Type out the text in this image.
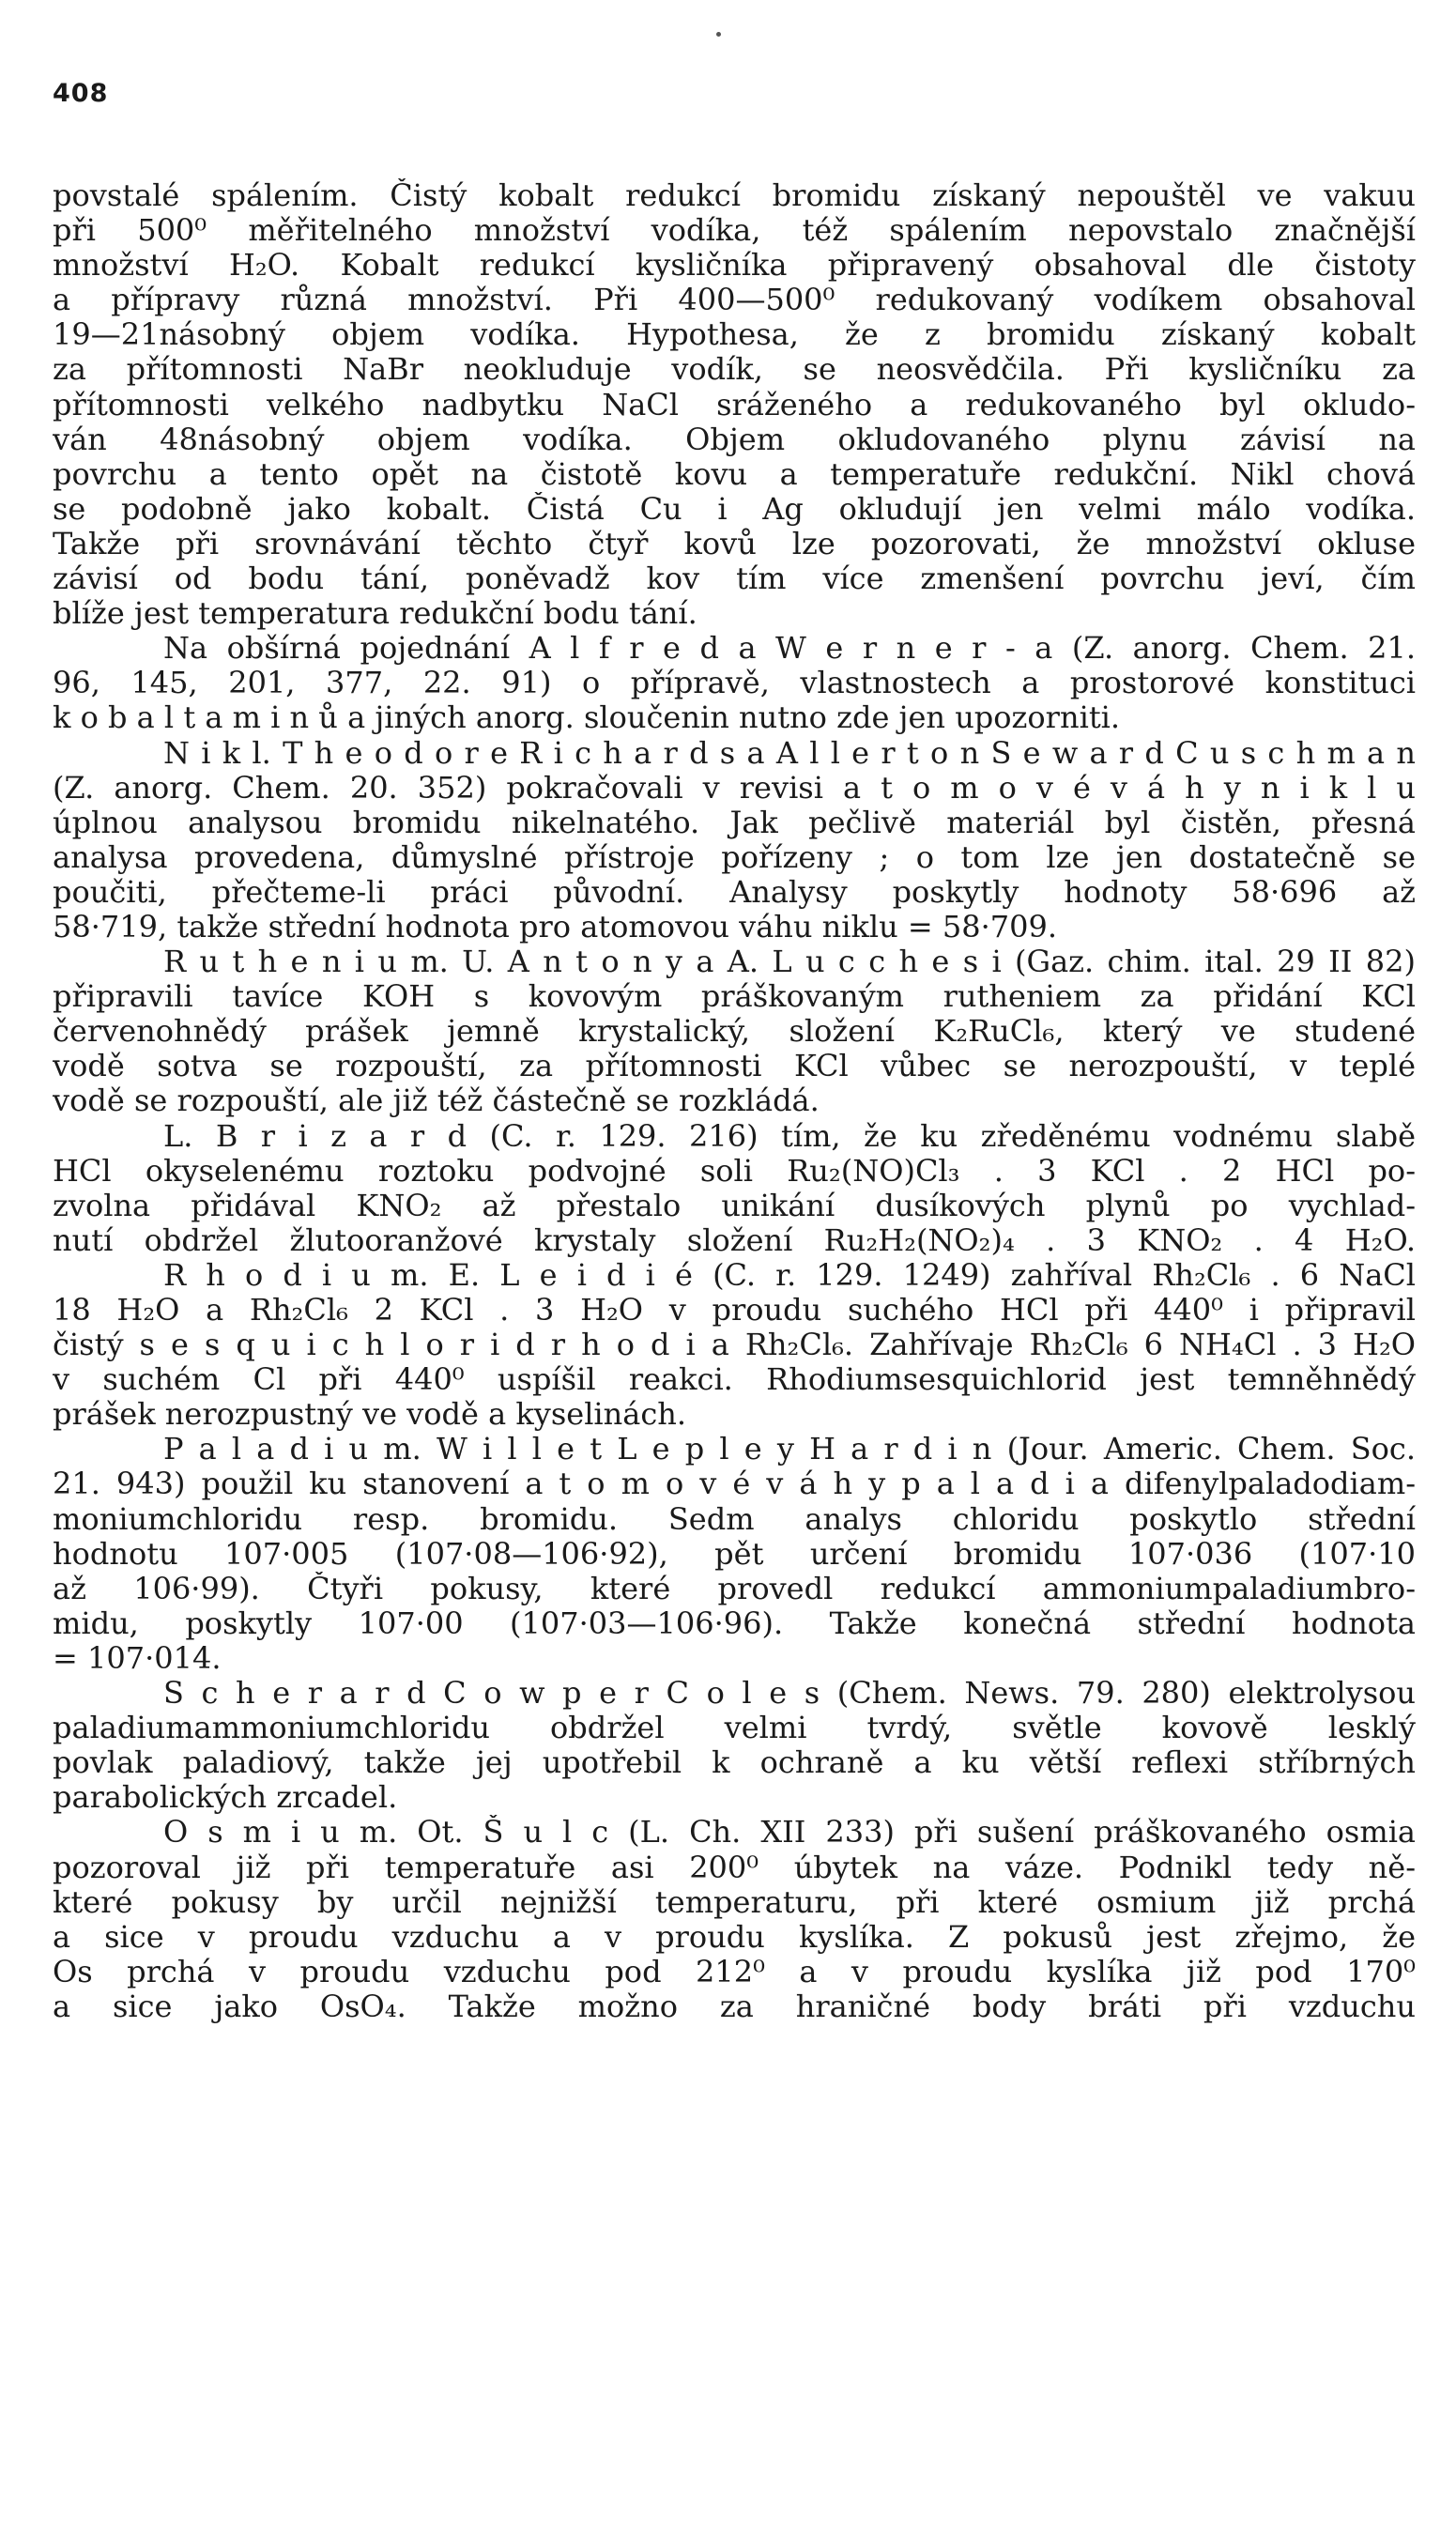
408
povstalé spálením. Čistý kobalt redukcí bromidu získaný nepouštěl ve vakuu
při 500⁰ měřitelného množství vodíka, též spálením nepovstalo značnější
množství H₂O. Kobalt redukcí kysličníka připravený obsahoval dle čistoty
a přípravy různá množství. Při 400—500⁰ redukovaný vodíkem obsahoval
19—21násobný objem vodíka. Hypothesa, že z bromidu získaný kobalt
za přítomnosti NaBr neokluduje vodík, se neosvědčila. Při kysličníku za
přítomnosti velkého nadbytku NaCl sráženého a redukovaného byl okludo-
ván 48násobný objem vodíka. Objem okludovaného plynu závisí na
povrchu a tento opět na čistotě kovu a temperatuře redukční. Nikl chová
se podobně jako kobalt. Čistá Cu i Ag okludují jen velmi málo vodíka.
Takže při srovnávání těchto čtyř kovů lze pozorovati, že množství okluse
závisí od bodu tání, poněvadž kov tím více zmenšení povrchu jeví, čím
blíže jest temperatura redukční bodu tání.
Na obšírná pojednání A l f r e d a W e r n e r - a (Z. anorg. Chem. 21.
96, 145, 201, 377, 22. 91) o přípravě, vlastnostech a prostorové konstituci
k o b a l t a m i n ů a jiných anorg. sloučenin nutno zde jen upozorniti.
N i k l. T h e o d o r e R i c h a r d s a A l l e r t o n S e w a r d C u s c h m a n
(Z. anorg. Chem. 20. 352) pokračovali v revisi a t o m o v é v á h y n i k l u
úplnou analysou bromidu nikelnatého. Jak pečlivě materiál byl čistěn, přesná
analysa provedena, důmyslné přístroje pořízeny ; o tom lze jen dostatečně se
poučiti, přečteme-li práci původní. Analysy poskytly hodnoty 58·696 až
58·719, takže střední hodnota pro atomovou váhu niklu = 58·709.
R u t h e n i u m. U. A n t o n y a A. L u c c h e s i (Gaz. chim. ital. 29 II 82)
připravili tavíce KOH s kovovým práškovaným rutheniem za přidání KCl
červenohnědý prášek jemně krystalický, složení K₂RuCl₆, který ve studené
vodě sotva se rozpouští, za přítomnosti KCl vůbec se nerozpouští, v teplé
vodě se rozpouští, ale již též částečně se rozkládá.
L. B r i z a r d (C. r. 129. 216) tím, že ku zředěnému vodnému slabě
HCl okyselenému roztoku podvojné soli Ru₂(NO)Cl₃ . 3 KCl . 2 HCl po-
zvolna přidával KNO₂ až přestalo unikání dusíkových plynů po vychlad-
nutí obdržel žlutooranžové krystaly složení Ru₂H₂(NO₂)₄ . 3 KNO₂ . 4 H₂O.
R h o d i u m. E. L e i d i é (C. r. 129. 1249) zahříval Rh₂Cl₆ . 6 NaCl
18 H₂O a Rh₂Cl₆ 2 KCl . 3 H₂O v proudu suchého HCl při 440⁰ i připravil
čistý s e s q u i c h l o r i d r h o d i a Rh₂Cl₆. Zahřívaje Rh₂Cl₆ 6 NH₄Cl . 3 H₂O
v suchém Cl při 440⁰ uspíšil reakci. Rhodiumsesquichlorid jest temněhnědý
prášek nerozpustný ve vodě a kyselinách.
P a l a d i u m. W i l l e t L e p l e y H a r d i n (Jour. Americ. Chem. Soc.
21. 943) použil ku stanovení a t o m o v é v á h y p a l a d i a difenylpaladodiam-
moniumchloridu resp. bromidu. Sedm analys chloridu poskytlo střední
hodnotu 107·005 (107·08—106·92), pět určení bromidu 107·036 (107·10
až 106·99). Čtyři pokusy, které provedl redukcí ammoniumpaladiumbro-
midu, poskytly 107·00 (107·03—106·96). Takže konečná střední hodnota
= 107·014.
S c h e r a r d C o w p e r C o l e s (Chem. News. 79. 280) elektrolysou
paladiumammoniumchloridu obdržel velmi tvrdý, světle kovově lesklý
povlak paladiový, takže jej upotřebil k ochraně a ku větší reflexi stříbrných
parabolických zrcadel.
O s m i u m. Ot. Š u l c (L. Ch. XII 233) při sušení práškovaného osmia
pozoroval již při temperatuře asi 200⁰ úbytek na váze. Podnikl tedy ně-
které pokusy by určil nejnižší temperaturu, při které osmium již prchá
a sice v proudu vzduchu a v proudu kyslíka. Z pokusů jest zřejmo, že
Os prchá v proudu vzduchu pod 212⁰ a v proudu kyslíka již pod 170⁰
a sice jako OsO₄. Takže možno za hraničné body bráti při vzduchu
